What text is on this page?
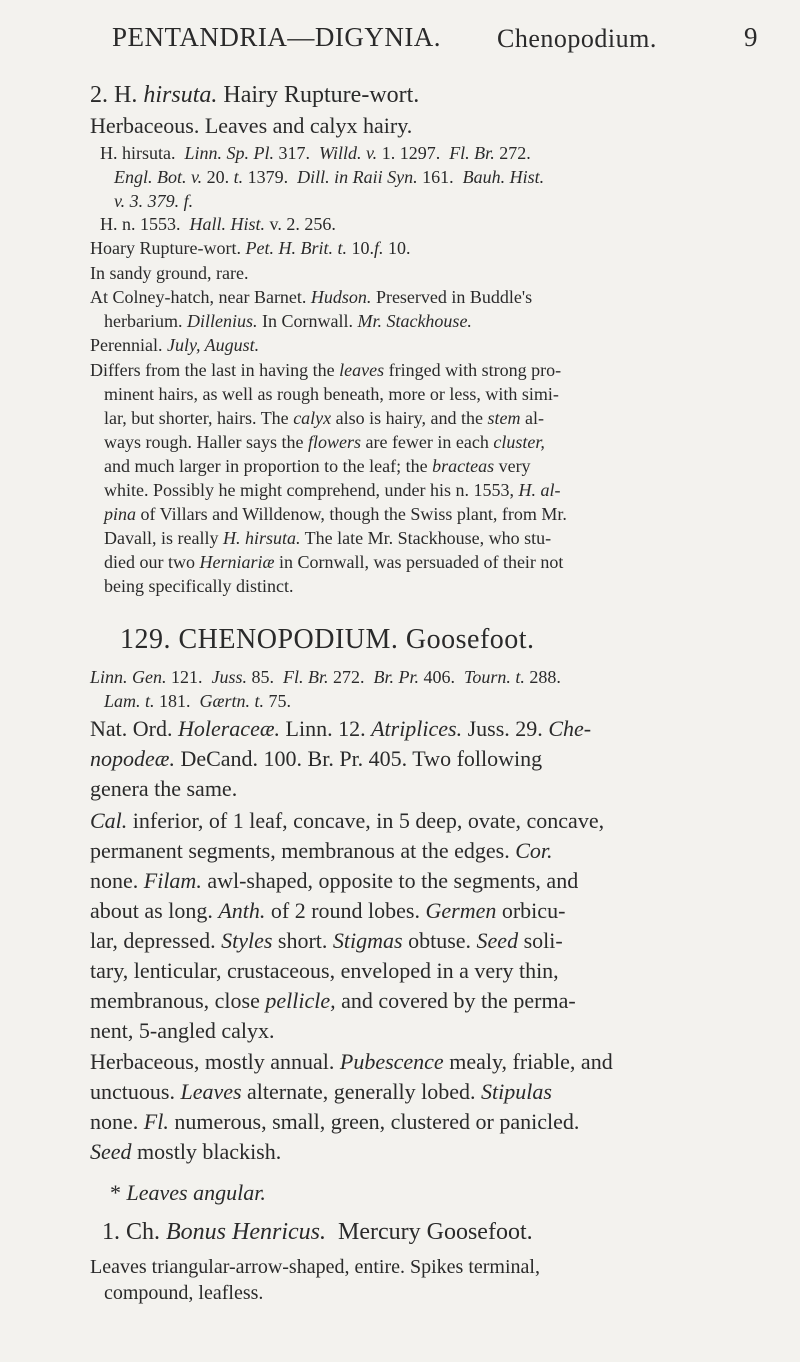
PENTANDRIA—DIGYNIA. Chenopodium.	9
2. H. hirsuta. Hairy Rupture-wort.
Herbaceous. Leaves and calyx hairy.
H. hirsuta. Linn. Sp. Pl. 317. Willd. v. 1. 1297. Fl. Br. 272.
Engl. Bot. v. 20. t. 1379. Dill. in Raii Syn. 161. Bauh. Hist.
v. 3. 379. f.
H. n. 1553. Hall. Hist. v. 2. 256.
Hoary Rupture-wort. Pet. H. Brit. t. 10.f. 10.
In sandy ground, rare.
At Colney-hatch, near Barnet. Hudson. Preserved in Buddle's
herbarium. Dillenius. In Cornwall. Mr. Stackhouse.
Perennial. July, August.
Differs from the last in having the leaves fringed with strong pro-
minent hairs, as well as rough beneath, more or less, with simi-
lar, but shorter, hairs. The calyx also is hairy, and the stem al-
ways rough. Haller says the flowers are fewer in each cluster,
and much larger in proportion to the leaf; the bracteas very
white. Possibly he might comprehend, under his n. 1553, H. al-
pina of Villars and Willdenow, though the Swiss plant, from Mr.
Davall, is really H. hirsuta. The late Mr. Stackhouse, who stu-
died our two Herniariæ in Cornwall, was persuaded of their not
being specifically distinct.
129. CHENOPODIUM. Goosefoot.
Linn. Gen. 121. Juss. 85. Fl. Br. 272. Br. Pr. 406. Tourn. t. 288.
Lam. t. 181. Gærtn. t. 75.
Nat. Ord. Holeraceæ. Linn. 12. Atriplices. Juss. 29. Che-
nopodeæ. DeCand. 100. Br. Pr. 405. Two following
genera the same.
Cal. inferior, of 1 leaf, concave, in 5 deep, ovate, concave,
permanent segments, membranous at the edges. Cor.
none. Filam. awl-shaped, opposite to the segments, and
about as long. Anth. of 2 round lobes. Germen orbicu-
lar, depressed. Styles short. Stigmas obtuse. Seed soli-
tary, lenticular, crustaceous, enveloped in a very thin,
membranous, close pellicle, and covered by the perma-
nent, 5-angled calyx.
Herbaceous, mostly annual. Pubescence mealy, friable, and
unctuous. Leaves alternate, generally lobed. Stipulas
none. Fl. numerous, small, green, clustered or panicled.
Seed mostly blackish.
* Leaves angular.
1. Ch. Bonus Henricus. Mercury Goosefoot.
Leaves triangular-arrow-shaped, entire. Spikes terminal,
compound, leafless.
